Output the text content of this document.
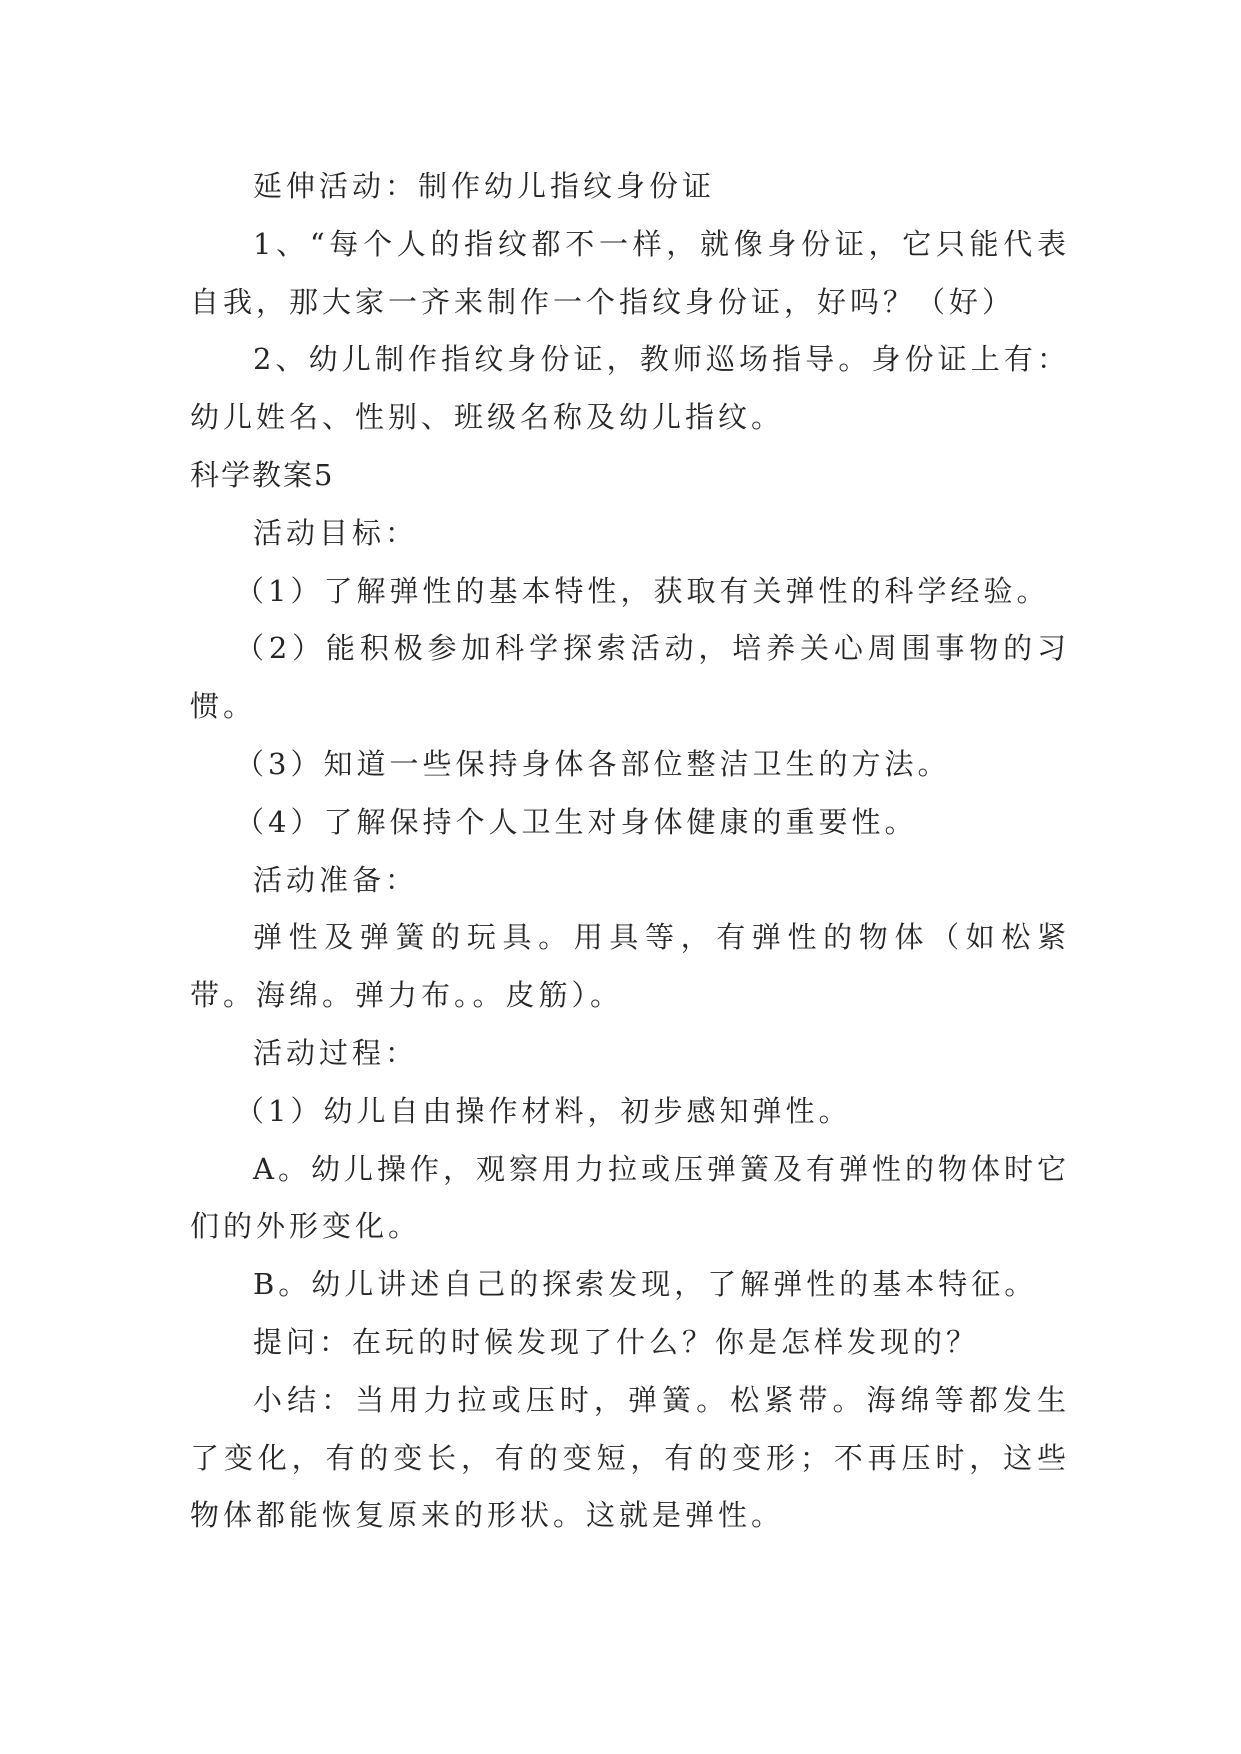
延伸活动：制作幼儿指纹身份证

1、“每个人的指纹都不一样，就像身份证，它只能代表自我，那大家一齐来制作一个指纹身份证，好吗？（好）

2、幼儿制作指纹身份证，教师巡场指导。身份证上有：幼儿姓名、性别、班级名称及幼儿指纹。

科学教案5

活动目标：

（1）了解弹性的基本特性，获取有关弹性的科学经验。

（2）能积极参加科学探索活动，培养关心周围事物的习惯。

（3）知道一些保持身体各部位整洁卫生的方法。

（4）了解保持个人卫生对身体健康的重要性。

活动准备：

弹性及弹簧的玩具。用具等，有弹性的物体（如松紧带。海绵。弹力布。。皮筋）。

活动过程：

（1）幼儿自由操作材料，初步感知弹性。

A。幼儿操作，观察用力拉或压弹簧及有弹性的物体时它们的外形变化。

B。幼儿讲述自己的探索发现，了解弹性的基本特征。

提问：在玩的时候发现了什么？你是怎样发现的？

小结：当用力拉或压时，弹簧。松紧带。海绵等都发生了变化，有的变长，有的变短，有的变形；不再压时，这些物体都能恢复原来的形状。这就是弹性。
